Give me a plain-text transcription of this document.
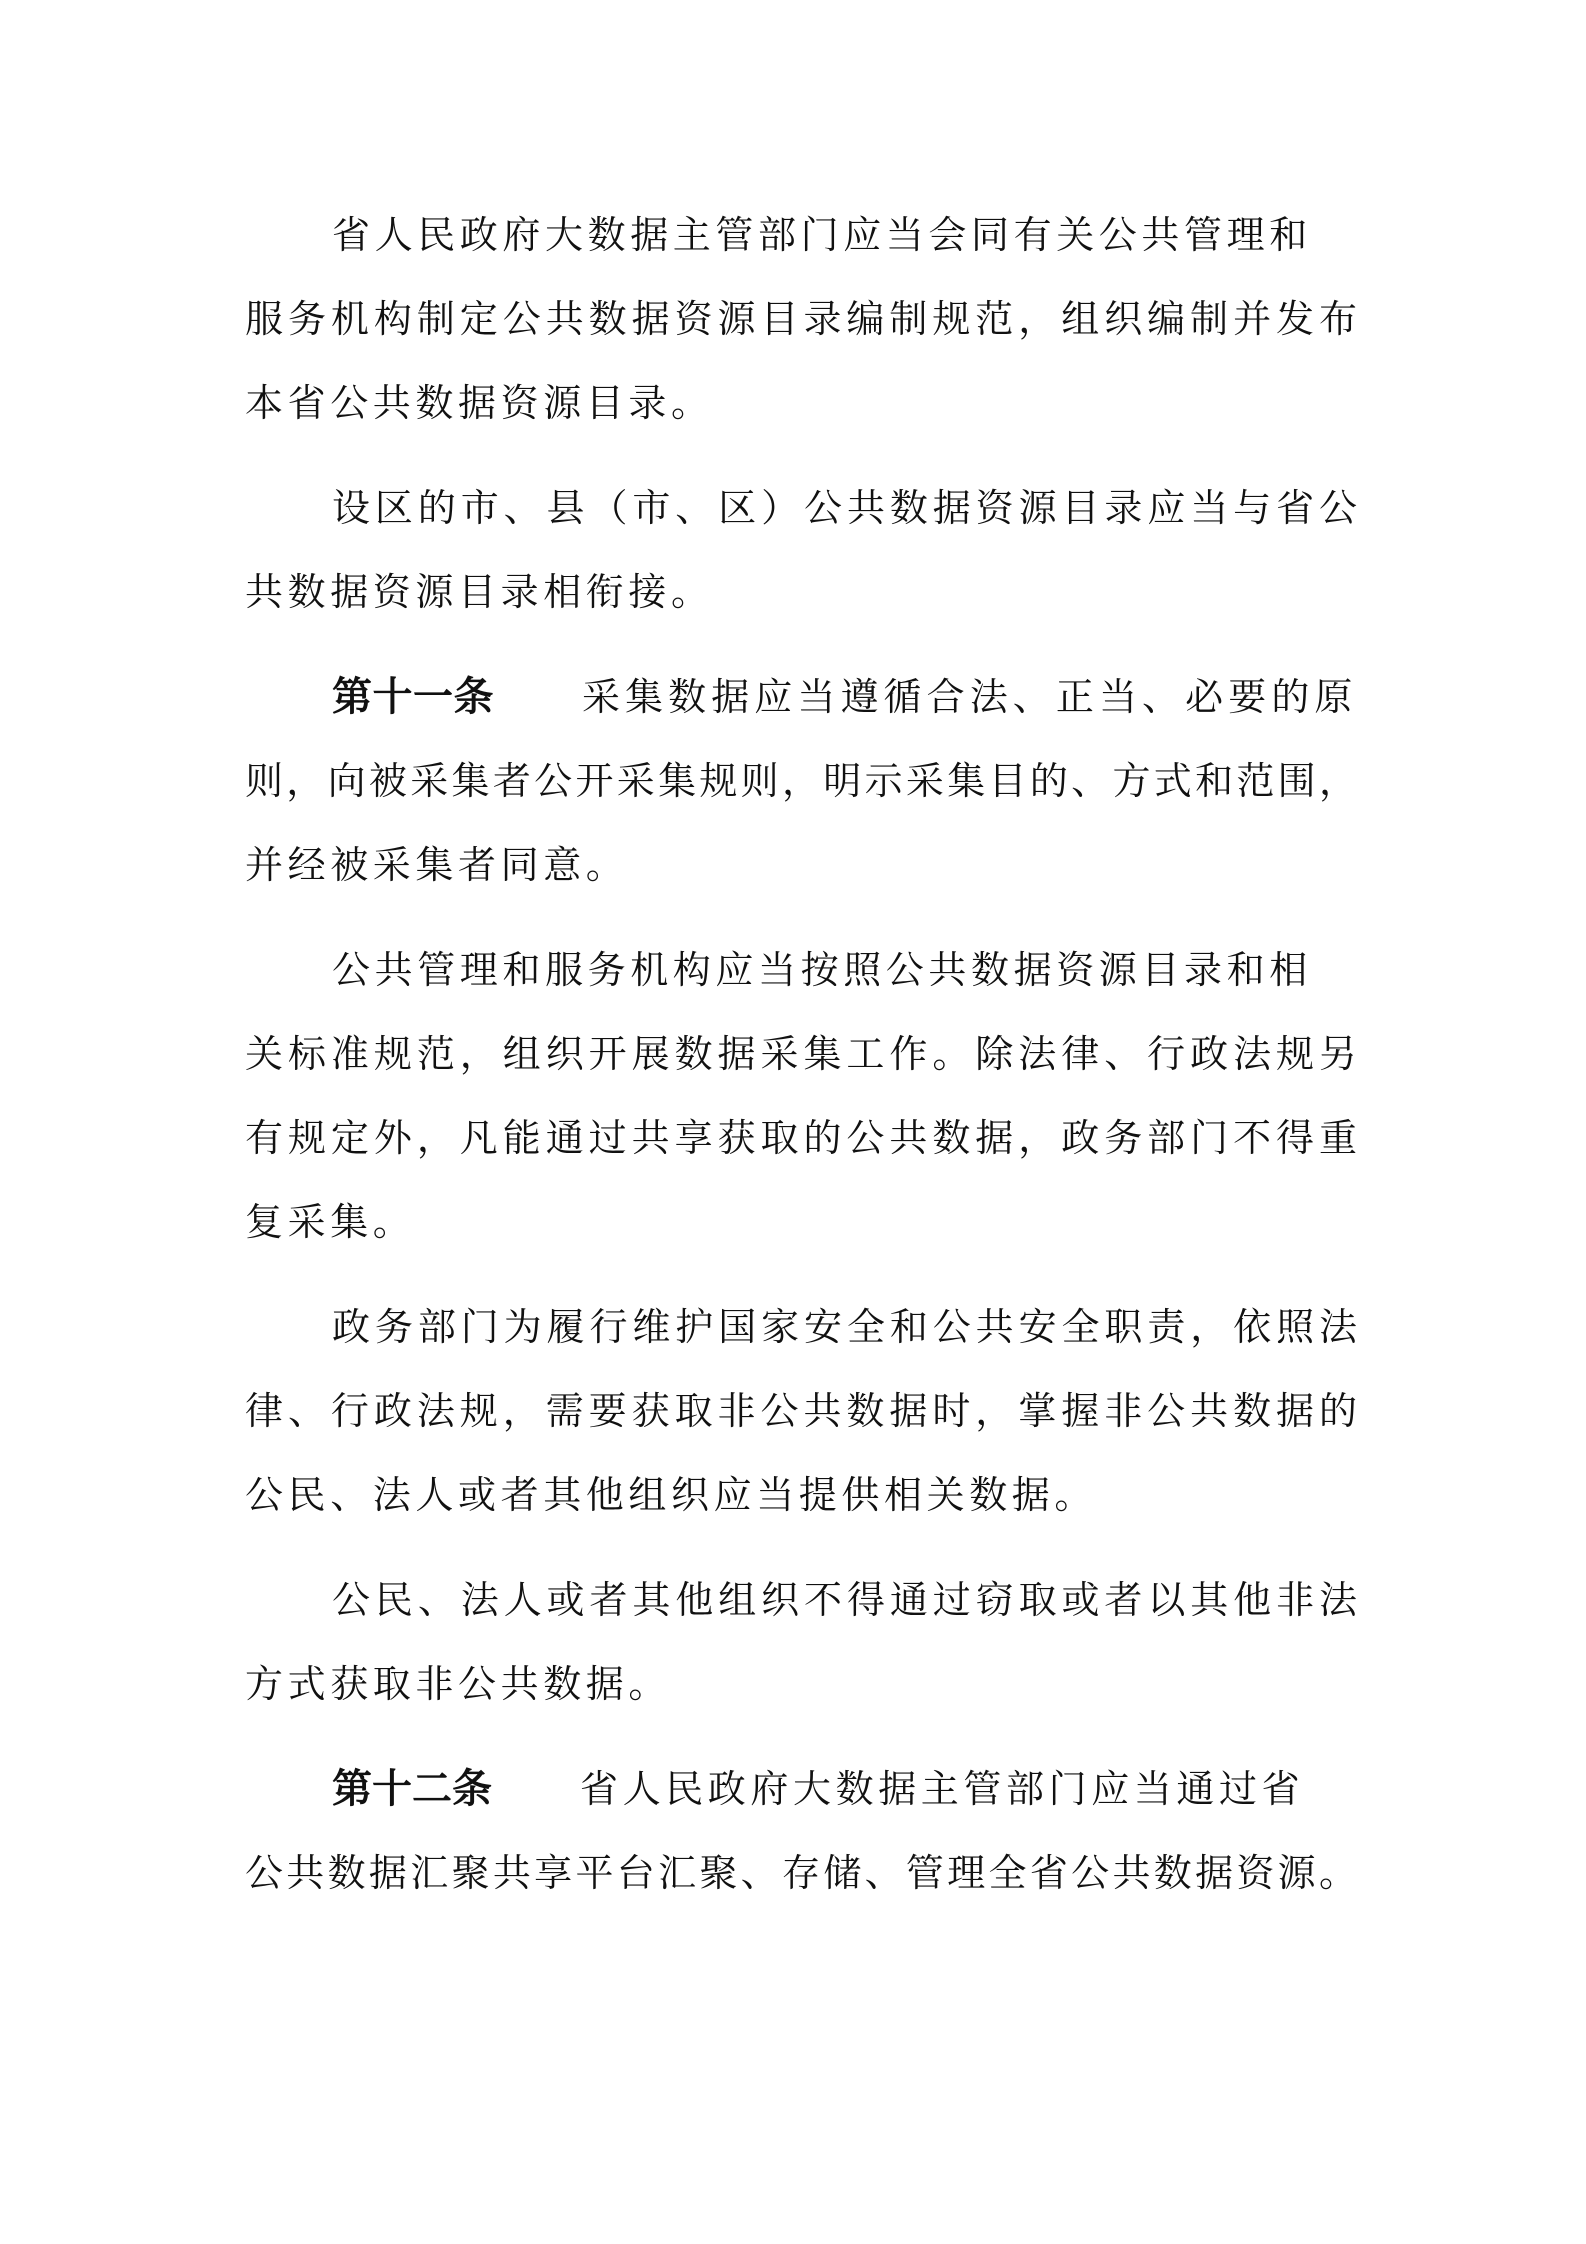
省人民政府大数据主管部门应当会同有关公共管理和
服务机构制定公共数据资源目录编制规范，组织编制并发布
本省公共数据资源目录。

设区的市、县（市、区）公共数据资源目录应当与省公
共数据资源目录相衔接。

第十一条 采集数据应当遵循合法、正当、必要的原
则，向被采集者公开采集规则，明示采集目的、方式和范围，
并经被采集者同意。

公共管理和服务机构应当按照公共数据资源目录和相
关标准规范，组织开展数据采集工作。除法律、行政法规另
有规定外，凡能通过共享获取的公共数据，政务部门不得重
复采集。

政务部门为履行维护国家安全和公共安全职责，依照法
律、行政法规，需要获取非公共数据时，掌握非公共数据的
公民、法人或者其他组织应当提供相关数据。

公民、法人或者其他组织不得通过窃取或者以其他非法
方式获取非公共数据。

第十二条 省人民政府大数据主管部门应当通过省
公共数据汇聚共享平台汇聚、存储、管理全省公共数据资源。
